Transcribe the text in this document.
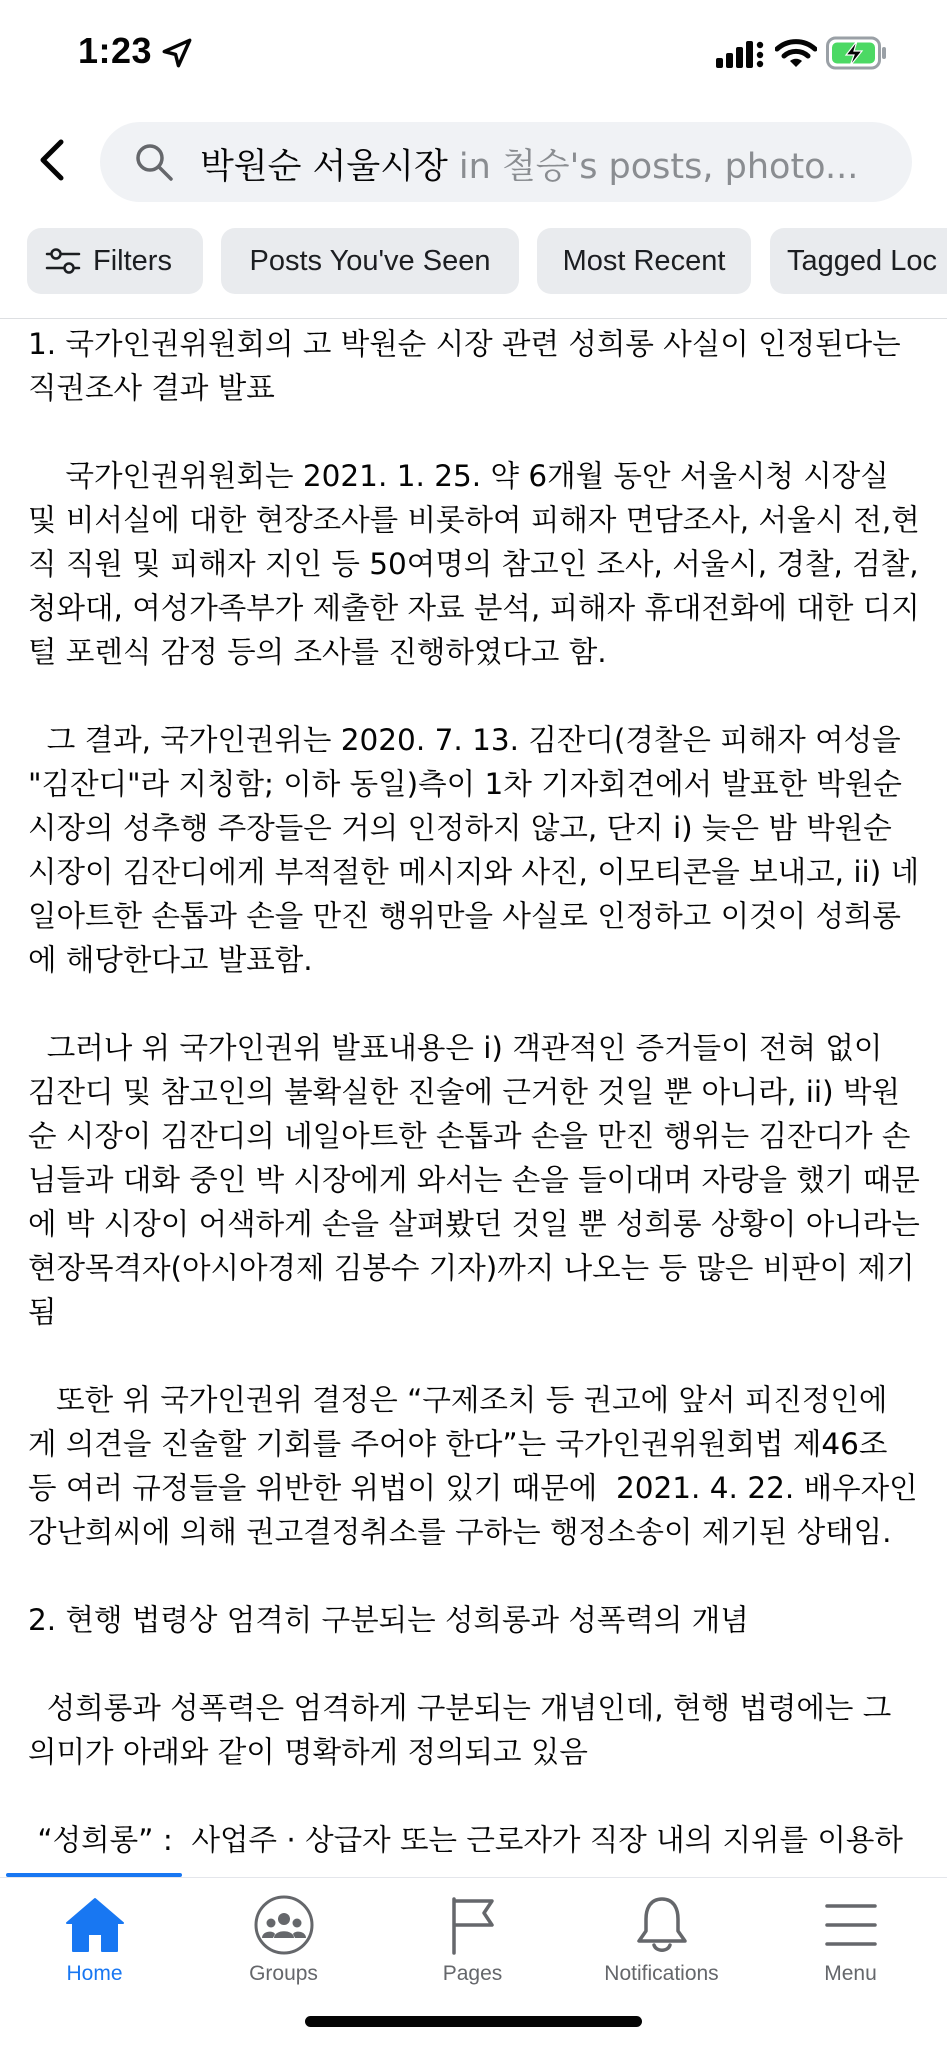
1:23
박원순 서울시장 in 철승's posts, photo...
Filters	Posts You've Seen Most Recent Tagged Loc

1. 국가인권위원회의 고 박원순 시장 관련 성희롱 사실이 인정된다는

직권조사 결과 발표

국가인권위원회는 2021. 1. 25. 약 6개월 동안 서울시청 시장실

및 비서실에 대한 현장조사를 비롯하여 피해자 면담조사, 서울시 전,현

직 직원 및 피해자 지인 등 50여명의 참고인 조사, 서울시, 경찰, 검찰,

청와대, 여성가족부가 제출한 자료 분석, 피해자 휴대전화에 대한 디지

털 포렌식 감정 등의 조사를 진행하였다고 함.

그 결과, 국가인권위는 2020. 7. 13. 김잔디(경찰은 피해자 여성을

"김잔디"라 지칭함; 이하 동일)측이 1차 기자회견에서 발표한 박원순

시장의 성추행 주장들은 거의 인정하지 않고, 단지 i) 늦은 밤 박원순

시장이 김잔디에게 부적절한 메시지와 사진, 이모티콘을 보내고, ii) 네

일아트한 손톱과 손을 만진 행위만을 사실로 인정하고 이것이 성희롱

에 해당한다고 발표함.

그러나 위 국가인권위 발표내용은 i) 객관적인 증거들이 전혀 없이

김잔디 및 참고인의 불확실한 진술에 근거한 것일 뿐 아니라, ii) 박원

순 시장이 김잔디의 네일아트한 손톱과 손을 만진 행위는 김잔디가 손

님들과 대화 중인 박 시장에게 와서는 손을 들이대며 자랑을 했기 때문

에 박 시장이 어색하게 손을 살펴봤던 것일 뿐 성희롱 상황이 아니라는

현장목격자(아시아경제 김봉수 기자)까지 나오는 등 많은 비판이 제기

됨

또한 위 국가인권위 결정은 “구제조치 등 권고에 앞서 피진정인에

게 의견을 진술할 기회를 주어야 한다”는 국가인권위원회법 제46조

등 여러 규정들을 위반한 위법이 있기 때문에  2021. 4. 22. 배우자인

강난희씨에 의해 권고결정취소를 구하는 행정소송이 제기된 상태임.

2. 현행 법령상 엄격히 구분되는 성희롱과 성폭력의 개념

성희롱과 성폭력은 엄격하게 구분되는 개념인데, 현행 법령에는 그

의미가 아래와 같이 명확하게 정의되고 있음

“성희롱” :  사업주 · 상급자 또는 근로자가 직장 내의 지위를 이용하

Home	Groups	Pages	Notifications	Menu
